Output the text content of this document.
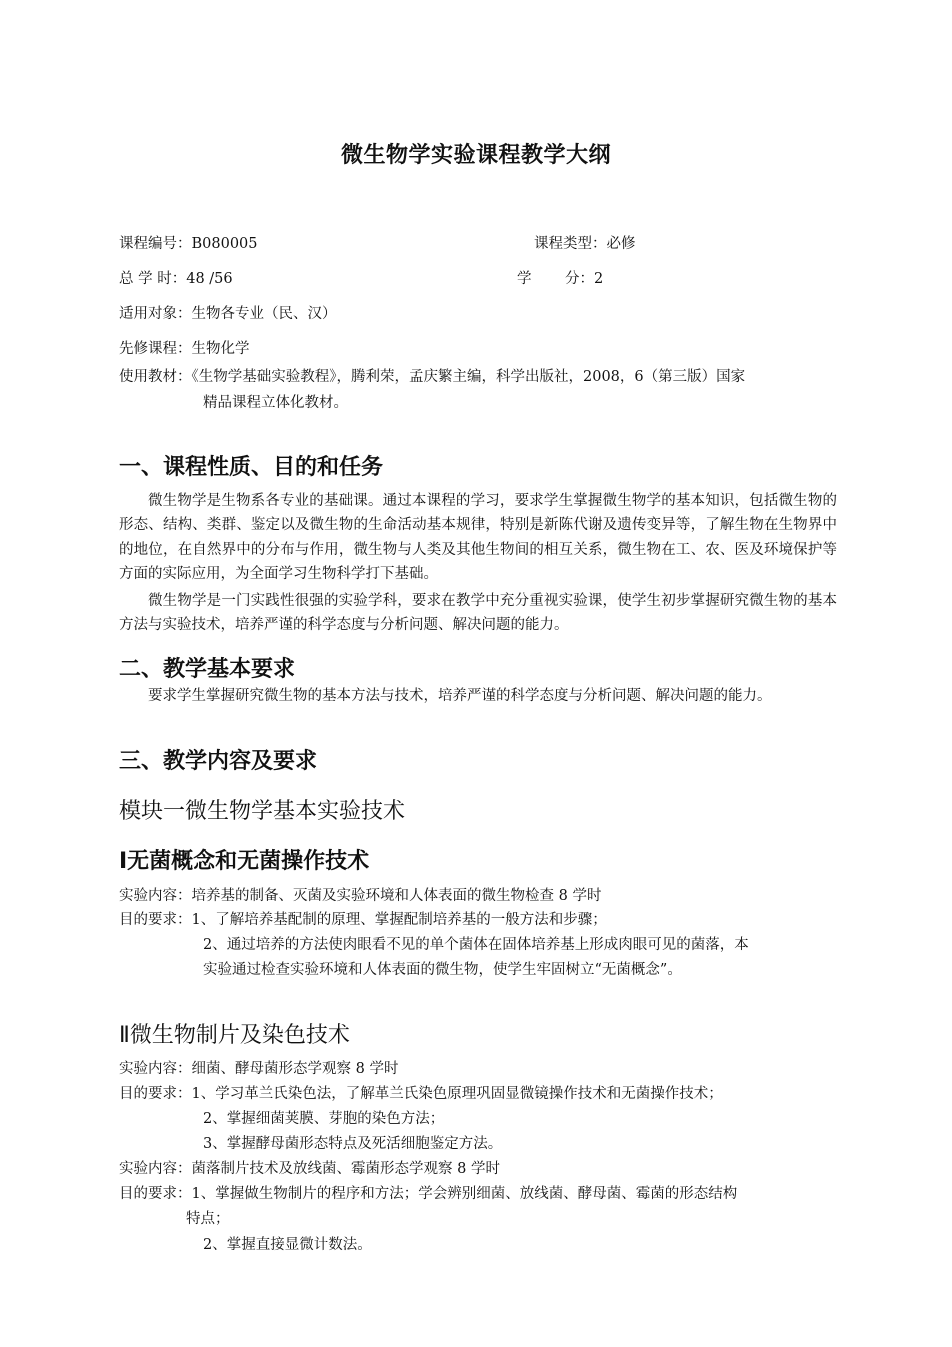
微生物学实验课程教学大纲
课程编号：B080005	课程类型：必修
总 学 时：48 /56	学 分：2
适用对象：生物各专业（民、汉）
先修课程：生物化学
使用教材：《生物学基础实验教程》，腾利荣，孟庆繁主编，科学出版社，2008，6（第三版）国家
精品课程立体化教材。
一、课程性质、目的和任务
微生物学是生物系各专业的基础课。通过本课程的学习，要求学生掌握微生物学的基本知识，包括微生物的形态、结构、类群、鉴定以及微生物的生命活动基本规律，特别是新陈代谢及遗传变异等，了解生物在生物界中的地位，在自然界中的分布与作用，微生物与人类及其他生物间的相互关系，微生物在工、农、医及环境保护等方面的实际应用，为全面学习生物科学打下基础。
微生物学是一门实践性很强的实验学科，要求在教学中充分重视实验课，使学生初步掌握研究微生物的基本方法与实验技术，培养严谨的科学态度与分析问题、解决问题的能力。
二、教学基本要求
要求学生掌握研究微生物的基本方法与技术，培养严谨的科学态度与分析问题、解决问题的能力。
三、教学内容及要求
模块一微生物学基本实验技术
Ⅰ无菌概念和无菌操作技术
实验内容：培养基的制备、灭菌及实验环境和人体表面的微生物检查 8 学时
目的要求：1、了解培养基配制的原理、掌握配制培养基的一般方法和步骤；
2、通过培养的方法使肉眼看不见的单个菌体在固体培养基上形成肉眼可见的菌落，本
实验通过检查实验环境和人体表面的微生物，使学生牢固树立“无菌概念”。
Ⅱ微生物制片及染色技术
实验内容：细菌、酵母菌形态学观察 8 学时
目的要求：1、学习革兰氏染色法，了解革兰氏染色原理巩固显微镜操作技术和无菌操作技术；
2、掌握细菌荚膜、芽胞的染色方法；
3、掌握酵母菌形态特点及死活细胞鉴定方法。
实验内容：菌落制片技术及放线菌、霉菌形态学观察 8 学时
目的要求：1、掌握做生物制片的程序和方法；学会辨别细菌、放线菌、酵母菌、霉菌的形态结构
特点；
2、掌握直接显微计数法。
